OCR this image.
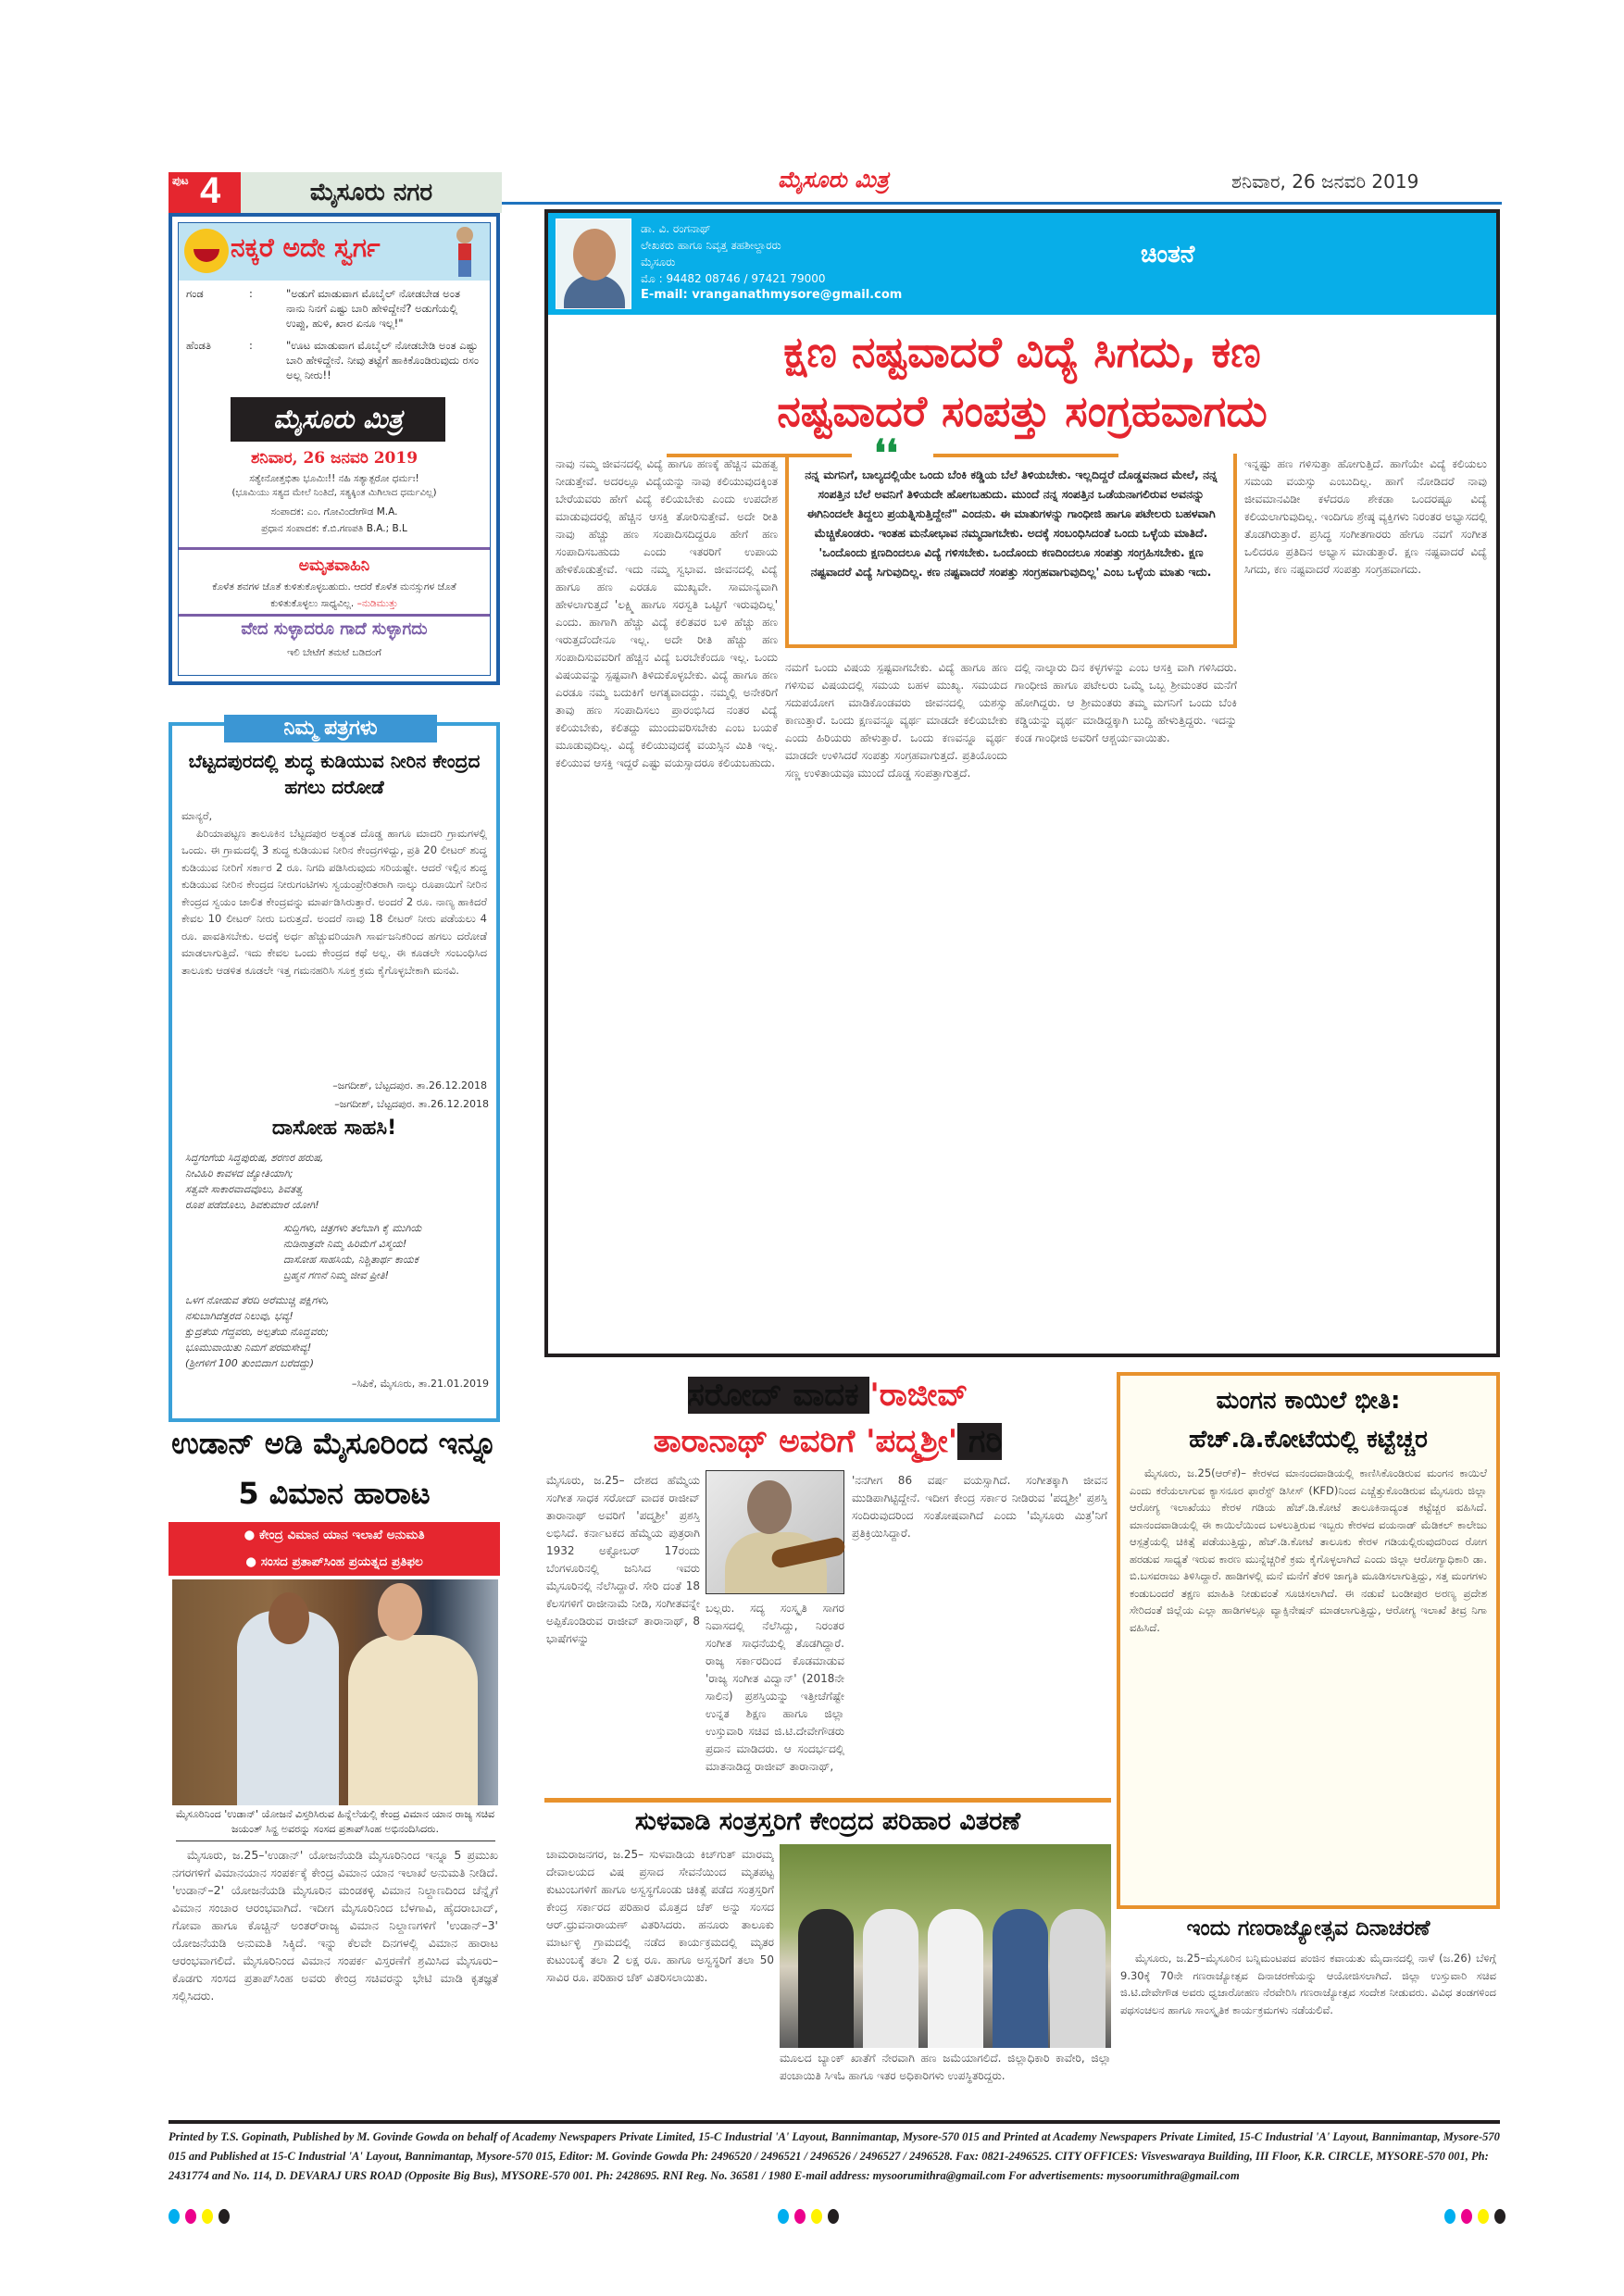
ಪುಟ 4	ಮೈಸೂರು ನಗರ	ಮೈಸೂರು ಮಿತ್ರ	ಶನಿವಾರ, 26 ಜನವರಿ 2019
ನಕ್ಕರೆ ಅದೇ ಸ್ವರ್ಗ
ಗಂಡ	:	"ಅಡುಗೆ ಮಾಡುವಾಗ ಮೊಬೈಲ್ ನೋಡಬೇಡ ಅಂತ ನಾನು ನಿನಗೆ ಎಷ್ಟು ಬಾರಿ ಹೇಳಿದ್ದೇನೆ? ಅಡುಗೆಯಲ್ಲಿ ಉಪ್ಪು, ಹುಳಿ, ಖಾರ ಏನೂ ಇಲ್ಲ!"
ಹೆಂಡತಿ	:	"ಊಟ ಮಾಡುವಾಗ ಮೊಬೈಲ್ ನೋಡಬೇಡಿ ಅಂತ ಎಷ್ಟು ಬಾರಿ ಹೇಳಿದ್ದೇನೆ. ನೀವು ತಟ್ಟೆಗೆ ಹಾಕಿಕೊಂಡಿರುವುದು ರಸಂ ಅಲ್ಲ ನೀರು!!
ಮೈಸೂರು ಮಿತ್ರ
ಶನಿವಾರ, 26 ಜನವರಿ 2019
ಸತ್ಯೇನೋತ್ತಭಿತಾ ಭೂಮಿಃ!! ನಹಿ ಸತ್ಯಾತ್ಪರೋ ಧರ್ಮಃ!
(ಭೂಮಿಯು ಸತ್ಯದ ಮೇಲೆ ನಿಂತಿದೆ, ಸತ್ಯಕ್ಕಿಂತ ಮಿಗಿಲಾದ ಧರ್ಮವಿಲ್ಲ)
ಸಂಪಾದಕ: ಎಂ. ಗೋವಿಂದೇಗೌಡ M.A.
ಪ್ರಧಾನ ಸಂಪಾದಕ: ಕೆ.ಬಿ.ಗಣಪತಿ B.A.; B.L
ಅಮೃತವಾಹಿನಿ
ಕೊಳೆತ ಶವಗಳ ಜೊತೆ ಕುಳಿತುಕೊಳ್ಳಬಹುದು. ಆದರೆ ಕೊಳೆತ ಮನಸ್ಸುಗಳ ಜೊತೆ ಕುಳಿತುಕೊಳ್ಳಲು ಸಾಧ್ಯವಿಲ್ಲ. –ನುಡಿಮುತ್ತು
ವೇದ ಸುಳ್ಳಾದರೂ ಗಾದೆ ಸುಳ್ಳಾಗದು
ಇಲಿ ಬೇಟೆಗೆ ತಮಟೆ ಬಡಿದಂಗೆ
ನಿಮ್ಮ ಪತ್ರಗಳು
ಬೆಟ್ಟದಪುರದಲ್ಲಿ ಶುದ್ಧ ಕುಡಿಯುವ ನೀರಿನ ಕೇಂದ್ರದ ಹಗಲು ದರೋಡೆ
ಮಾನ್ಯರೆ,
ಪಿರಿಯಾಪಟ್ಟಣ ತಾಲೂಕಿನ ಬೆಟ್ಟದಪುರ ಅತ್ಯಂತ ದೊಡ್ಡ ಹಾಗೂ ಮಾದರಿ ಗ್ರಾಮಗಳಲ್ಲಿ ಒಂದು. ಈ ಗ್ರಾಮದಲ್ಲಿ 3 ಶುದ್ಧ ಕುಡಿಯುವ ನೀರಿನ ಕೇಂದ್ರಗಳಿದ್ದು, ಪ್ರತಿ 20 ಲೀಟರ್ ಶುದ್ಧ ಕುಡಿಯುವ ನೀರಿಗೆ ಸರ್ಕಾರ 2 ರೂ. ನಿಗದಿ ಪಡಿಸಿರುವುದು ಸರಿಯಷ್ಟೇ. ಆದರೆ ಇಲ್ಲಿನ ಶುದ್ಧ ಕುಡಿಯುವ ನೀರಿನ ಕೇಂದ್ರದ ನೀರುಗಂಟಿಗಳು ಸ್ವಯಂಪ್ರೇರಿತರಾಗಿ ನಾಲ್ಕು ರೂಪಾಯಿಗೆ ನೀರಿನ ಕೇಂದ್ರದ ಸ್ವಯಂ ಚಾಲಿತ ಕೇಂದ್ರವನ್ನು ಮಾರ್ಪಡಿಸಿರುತ್ತಾರೆ. ಅಂದರೆ 2 ರೂ. ನಾಣ್ಯ ಹಾಕಿದರೆ ಕೇವಲ 10 ಲೀಟರ್ ನೀರು ಬರುತ್ತದೆ. ಅಂದರೆ ನಾವು 18 ಲೀಟರ್ ನೀರು ಪಡೆಯಲು 4 ರೂ. ಪಾವತಿಸಬೇಕು. ಅದಕ್ಕೆ ಅರ್ಧ ಹೆಚ್ಚುವರಿಯಾಗಿ ಸಾರ್ವಜನಿಕರಿಂದ ಹಗಲು ದರೋಡೆ ಮಾಡಲಾಗುತ್ತಿದೆ. ಇದು ಕೇವಲ ಒಂದು ಕೇಂದ್ರದ ಕಥೆ ಅಲ್ಲ. ಈ ಕೂಡಲೇ ಸಂಬಂಧಿಸಿದ ತಾಲೂಕು ಆಡಳಿತ ಕೂಡಲೇ ಇತ್ತ ಗಮನಹರಿಸಿ ಸೂಕ್ತ ಕ್ರಮ ಕೈಗೊಳ್ಳಬೇಕಾಗಿ ಮನವಿ.
–ಜಗದೀಶ್, ಬೆಟ್ಟದಪುರ. ತಾ.26.12.2018
–ಜಗದೀಶ್, ಬೆಟ್ಟದಪುರ. ತಾ.26.12.2018
ದಾಸೋಹ ಸಾಹಸಿ!
ಸಿದ್ಧಗಂಗೆಯ ಸಿದ್ಧಪುರುಷ, ಶರಣರ ಹರುಷ,
ನೀವಿಹಿರಿ ಕಾವಳದ ಜ್ಯೋತಿಯಾಗಿ;
ಸತ್ವವೇ ಸಾಕಾರವಾದವೊಲು, ಶಿವತತ್ವ
ರೂಪ ಪಡೆದೊಲು, ಶಿವಕುಮಾರ ಯೋಗಿ!
ಸುದ್ದಿಗಳು, ಚಿತ್ರಗಳು ತಲೆಬಾಗಿ ಕೈ ಮುಗಿಯೆ
ನುಡಿನಾತ್ರವೇ ನಿಮ್ಮ ಹಿರಿಮೆಗೆ ವಿಸ್ಮಯ!
ದಾಸೋಹ ಸಾಹಸಿಯೆ, ನಿಶ್ಚಿತಾರ್ಥ ಕಾಯಕ
ಬ್ರಹ್ಮನ ಗಣನೆ ನಿಮ್ಮ ಜೀವ ಪ್ರೀತಿ!
ಒಳಗ ನೋಡುವ ತೆರದಿ ಅರೆಮುಚ್ಚಿ ಪಕ್ಷಿಗಳು,
ನಸುಬಾಗಿದೆತ್ತರದ ನಿಲುವು, ಭವ್ಯ!
ಕ್ಷುದ್ರತೆಯ ಗೆದ್ದವರು, ಅಲ್ಪತೆಯ ನೊದ್ದವರು;
ಭೂಮುವಾಯಿತು ನಿಮಗೆ ಪರಮಸೇವ್ಯ!
(ಶ್ರೀಗಳಿಗೆ 100 ತುಂಬಿದಾಗ ಬರೆದದ್ದು)
–ಸಿಪಿಕೆ, ಮೈಸೂರು, ತಾ.21.01.2019
ಉಡಾನ್ ಅಡಿ ಮೈಸೂರಿಂದ ಇನ್ನೂ 5 ವಿಮಾನ ಹಾರಾಟ
● ಕೇಂದ್ರ ವಿಮಾನ ಯಾನ ಇಲಾಖೆ ಅನುಮತಿ
● ಸಂಸದ ಪ್ರತಾಪ್‌ಸಿಂಹ ಪ್ರಯತ್ನದ ಪ್ರತಿಫಲ
ಮೈಸೂರಿನಿಂದ 'ಉಡಾನ್' ಯೋಜನೆ ವಿಸ್ತರಿಸಿರುವ ಹಿನ್ನೆಲೆಯಲ್ಲಿ ಕೇಂದ್ರ ವಿಮಾನ ಯಾನ ರಾಜ್ಯ ಸಚಿವ ಜಯಂತ್ ಸಿನ್ಹ ಅವರನ್ನು ಸಂಸದ ಪ್ರತಾಪ್‌ಸಿಂಹ ಅಭಿನಂದಿಸಿದರು.
ಮೈಸೂರು, ಜ.25–'ಉಡಾನ್' ಯೋಜನೆಯಡಿ ಮೈಸೂರಿನಿಂದ ಇನ್ನೂ 5 ಪ್ರಮುಖ ನಗರಗಳಿಗೆ ವಿಮಾನಯಾನ ಸಂಪರ್ಕಕ್ಕೆ ಕೇಂದ್ರ ವಿಮಾನ ಯಾನ ಇಲಾಖೆ ಅನುಮತಿ ನೀಡಿದೆ. 'ಉಡಾನ್–2' ಯೋಜನೆಯಡಿ ಮೈಸೂರಿನ ಮಂಡಕಳ್ಳಿ ವಿಮಾನ ನಿಲ್ದಾಣದಿಂದ ಚೆನ್ನೈಗೆ ವಿಮಾನ ಸಂಚಾರ ಆರಂಭವಾಗಿದೆ. ಇದೀಗ ಮೈಸೂರಿನಿಂದ ಬೆಳಗಾವಿ, ಹೈದರಾಬಾದ್, ಗೋವಾ ಹಾಗೂ ಕೊಚ್ಚಿನ್ ಅಂತರ್‌ರಾಜ್ಯ ವಿಮಾನ ನಿಲ್ದಾಣಗಳಿಗೆ 'ಉಡಾನ್–3' ಯೋಜನೆಯಡಿ ಅನುಮತಿ ಸಿಕ್ಕಿದೆ. ಇನ್ನು ಕೆಲವೇ ದಿನಗಳಲ್ಲಿ ವಿಮಾನ ಹಾರಾಟ ಆರಂಭವಾಗಲಿದೆ. ಮೈಸೂರಿನಿಂದ ವಿಮಾನ ಸಂಪರ್ಕ ವಿಸ್ತರಣೆಗೆ ಶ್ರಮಿಸಿದ ಮೈಸೂರು–ಕೊಡಗು ಸಂಸದ ಪ್ರತಾಪ್‌ಸಿಂಹ ಅವರು ಕೇಂದ್ರ ಸಚಿವರನ್ನು ಭೇಟಿ ಮಾಡಿ ಕೃತಜ್ಞತೆ ಸಲ್ಲಿಸಿದರು.
ಡಾ. ವಿ. ರಂಗನಾಥ್
ಲೇಖಕರು ಹಾಗೂ ನಿವೃತ್ತ ತಹಶೀಲ್ದಾರರು
ಮೈಸೂರು
ಮೊ : 94482 08746 / 97421 79000
E-mail: vranganathmysore@gmail.com
ಚಿಂತನೆ
ಕ್ಷಣ ನಷ್ಟವಾದರೆ ವಿದ್ಯೆ ಸಿಗದು, ಕಣ
ನಷ್ಟವಾದರೆ ಸಂಪತ್ತು ಸಂಗ್ರಹವಾಗದು
ನಾವು ನಮ್ಮ ಜೀವನದಲ್ಲಿ ವಿದ್ಯೆ ಹಾಗೂ ಹಣಕ್ಕೆ ಹೆಚ್ಚಿನ ಮಹತ್ವ ನೀಡುತ್ತೇವೆ. ಅದರಲ್ಲೂ ವಿದ್ಯೆಯನ್ನು ನಾವು ಕಲಿಯುವುದಕ್ಕಿಂತ ಬೇರೆಯವರು ಹೇಗೆ ವಿದ್ಯೆ ಕಲಿಯಬೇಕು ಎಂದು ಉಪದೇಶ ಮಾಡುವುದರಲ್ಲಿ ಹೆಚ್ಚಿನ ಆಸಕ್ತಿ ತೋರಿಸುತ್ತೇವೆ. ಅದೇ ರೀತಿ ನಾವು ಹೆಚ್ಚು ಹಣ ಸಂಪಾದಿಸದಿದ್ದರೂ ಹೇಗೆ ಹಣ ಸಂಪಾದಿಸಬಹುದು ಎಂದು ಇತರರಿಗೆ ಉಪಾಯ ಹೇಳಿಕೊಡುತ್ತೇವೆ. ಇದು ನಮ್ಮ ಸ್ವಭಾವ. ಜೀವನದಲ್ಲಿ ವಿದ್ಯೆ ಹಾಗೂ ಹಣ ಎರಡೂ ಮುಖ್ಯವೇ. ಸಾಮಾನ್ಯವಾಗಿ ಹೇಳಲಾಗುತ್ತದೆ 'ಲಕ್ಷ್ಮಿ ಹಾಗೂ ಸರಸ್ವತಿ ಒಟ್ಟಿಗೆ ಇರುವುದಿಲ್ಲ' ಎಂದು. ಹಾಗಾಗಿ ಹೆಚ್ಚು ವಿದ್ಯೆ ಕಲಿತವರ ಬಳಿ ಹೆಚ್ಚು ಹಣ ಇರುತ್ತದೆಂದೇನೂ ಇಲ್ಲ. ಅದೇ ರೀತಿ ಹೆಚ್ಚು ಹಣ ಸಂಪಾದಿಸುವವರಿಗೆ ಹೆಚ್ಚಿನ ವಿದ್ಯೆ ಬರಬೇಕೆಂದೂ ಇಲ್ಲ. ಒಂದು ವಿಷಯವನ್ನು ಸ್ಪಷ್ಟವಾಗಿ ತಿಳಿದುಕೊಳ್ಳಬೇಕು. ವಿದ್ಯೆ ಹಾಗೂ ಹಣ ಎರಡೂ ನಮ್ಮ ಬದುಕಿಗೆ ಅಗತ್ಯವಾದದ್ದು. ನಮ್ಮಲ್ಲಿ ಅನೇಕರಿಗೆ ತಾವು ಹಣ ಸಂಪಾದಿಸಲು ಪ್ರಾರಂಭಿಸಿದ ನಂತರ ವಿದ್ಯೆ ಕಲಿಯಬೇಕು, ಕಲಿತದ್ದು ಮುಂದುವರಿಸಬೇಕು ಎಂಬ ಬಯಕೆ ಮೂಡುವುದಿಲ್ಲ. ವಿದ್ಯೆ ಕಲಿಯುವುದಕ್ಕೆ ವಯಸ್ಸಿನ ಮಿತಿ ಇಲ್ಲ. ಕಲಿಯುವ ಆಸಕ್ತಿ ಇದ್ದರೆ ಎಷ್ಟು ವಯಸ್ಸಾದರೂ ಕಲಿಯಬಹುದು.
❛❛
ನನ್ನ ಮಗನಿಗೆ, ಬಾಲ್ಯದಲ್ಲಿಯೇ ಒಂದು ಬೆಂಕಿ ಕಡ್ಡಿಯ ಬೆಲೆ ತಿಳಿಯಬೇಕು. ಇಲ್ಲದಿದ್ದರೆ ದೊಡ್ಡವನಾದ ಮೇಲೆ, ನನ್ನ ಸಂಪತ್ತಿನ ಬೆಲೆ ಅವನಿಗೆ ತಿಳಿಯದೇ ಹೋಗಬಹುದು. ಮುಂದೆ ನನ್ನ ಸಂಪತ್ತಿನ ಒಡೆಯನಾಗಲಿರುವ ಅವನನ್ನು ಈಗಿನಿಂದಲೇ ತಿದ್ದಲು ಪ್ರಯತ್ನಿಸುತ್ತಿದ್ದೇನೆ" ಎಂದನು. ಈ ಮಾತುಗಳನ್ನು ಗಾಂಧೀಜಿ ಹಾಗೂ ಪಟೇಲರು ಬಹಳವಾಗಿ ಮೆಚ್ಚಿಕೊಂಡರು. ಇಂತಹ ಮನೋಭಾವ ನಮ್ಮದಾಗಬೇಕು. ಅದಕ್ಕೆ ಸಂಬಂಧಿಸಿದಂತೆ ಒಂದು ಒಳ್ಳೆಯ ಮಾತಿದೆ. 'ಒಂದೊಂದು ಕ್ಷಣದಿಂದಲೂ ವಿದ್ಯೆ ಗಳಿಸಬೇಕು. ಒಂದೊಂದು ಕಣದಿಂದಲೂ ಸಂಪತ್ತು ಸಂಗ್ರಹಿಸಬೇಕು. ಕ್ಷಣ ನಷ್ಟವಾದರೆ ವಿದ್ಯೆ ಸಿಗುವುದಿಲ್ಲ. ಕಣ ನಷ್ಟವಾದರೆ ಸಂಪತ್ತು ಸಂಗ್ರಹವಾಗುವುದಿಲ್ಲ' ಎಂಬ ಒಳ್ಳೆಯ ಮಾತು ಇದು.
ನಮಗೆ ಒಂದು ವಿಷಯ ಸ್ಪಷ್ಟವಾಗಬೇಕು. ವಿದ್ಯೆ ಹಾಗೂ ಹಣ ಗಳಿಸುವ ವಿಷಯದಲ್ಲಿ ಸಮಯ ಬಹಳ ಮುಖ್ಯ. ಸಮಯದ ಸದುಪಯೋಗ ಮಾಡಿಕೊಂಡವರು ಜೀವನದಲ್ಲಿ ಯಶಸ್ಸು ಕಾಣುತ್ತಾರೆ. ಒಂದು ಕ್ಷಣವನ್ನೂ ವ್ಯರ್ಥ ಮಾಡದೇ ಕಲಿಯಬೇಕು ಎಂದು ಹಿರಿಯರು ಹೇಳುತ್ತಾರೆ. ಒಂದು ಕಣವನ್ನೂ ವ್ಯರ್ಥ ಮಾಡದೇ ಉಳಿಸಿದರೆ ಸಂಪತ್ತು ಸಂಗ್ರಹವಾಗುತ್ತದೆ. ಪ್ರತಿಯೊಂದು ಸಣ್ಣ ಉಳಿತಾಯವೂ ಮುಂದೆ ದೊಡ್ಡ ಸಂಪತ್ತಾಗುತ್ತದೆ.
ದಲ್ಲಿ ನಾಲ್ಕಾರು ದಿನ ಕಳ್ಳಗಳನ್ನು ಎಂಬ ಆಸಕ್ತಿ ವಾಗಿ ಗಳಿಸಿದರು. ಗಾಂಧೀಜಿ ಹಾಗೂ ಪಟೇಲರು ಒಮ್ಮೆ ಒಬ್ಬ ಶ್ರೀಮಂತರ ಮನೆಗೆ ಹೋಗಿದ್ದರು. ಆ ಶ್ರೀಮಂತರು ತಮ್ಮ ಮಗನಿಗೆ ಒಂದು ಬೆಂಕಿ ಕಡ್ಡಿಯನ್ನು ವ್ಯರ್ಥ ಮಾಡಿದ್ದಕ್ಕಾಗಿ ಬುದ್ಧಿ ಹೇಳುತ್ತಿದ್ದರು. ಇದನ್ನು ಕಂಡ ಗಾಂಧೀಜಿ ಅವರಿಗೆ ಆಶ್ಚರ್ಯವಾಯಿತು.
ಇನ್ನಷ್ಟು ಹಣ ಗಳಿಸುತ್ತಾ ಹೋಗುತ್ತಿದೆ. ಹಾಗೆಯೇ ವಿದ್ಯೆ ಕಲಿಯಲು ಸಮಯ ವಯಸ್ಸು ಎಂಬುದಿಲ್ಲ. ಹಾಗೆ ನೋಡಿದರೆ ನಾವು ಜೀವಮಾನವಿಡೀ ಕಳೆದರೂ ಶೇಕಡಾ ಒಂದರಷ್ಟೂ ವಿದ್ಯೆ ಕಲಿಯಲಾಗುವುದಿಲ್ಲ. ಇಂದಿಗೂ ಶ್ರೇಷ್ಠ ವ್ಯಕ್ತಿಗಳು ನಿರಂತರ ಅಭ್ಯಾಸದಲ್ಲಿ ತೊಡಗಿರುತ್ತಾರೆ. ಪ್ರಸಿದ್ಧ ಸಂಗೀತಗಾರರು ಹೇಗೂ ನವಗೆ ಸಂಗೀತ ಒಲಿದರೂ ಪ್ರತಿದಿನ ಅಭ್ಯಾಸ ಮಾಡುತ್ತಾರೆ. ಕ್ಷಣ ನಷ್ಟವಾದರೆ ವಿದ್ಯೆ ಸಿಗದು, ಕಣ ನಷ್ಟವಾದರೆ ಸಂಪತ್ತು ಸಂಗ್ರಹವಾಗದು.
ಸರೋದ್ ವಾದಕ 'ರಾಜೀವ್
ತಾರಾನಾಥ್ ಅವರಿಗೆ 'ಪದ್ಮಶ್ರೀ' ಗರಿ
ಮೈಸೂರು, ಜ.25– ದೇಶದ ಹೆಮ್ಮೆಯ ಸಂಗೀತ ಸಾಧಕ ಸರೋದ್ ವಾದಕ ರಾಜೀವ್ ತಾರಾನಾಥ್ ಅವರಿಗೆ 'ಪದ್ಮಶ್ರೀ' ಪ್ರಶಸ್ತಿ ಲಭಿಸಿದೆ. ಕರ್ನಾಟಕದ ಹೆಮ್ಮೆಯ ಪುತ್ರರಾಗಿ 1932 ಅಕ್ಟೋಬರ್ 17ರಂದು ಬೆಂಗಳೂರಿನಲ್ಲಿ ಜನಿಸಿದ ಇವರು ಮೈಸೂರಿನಲ್ಲಿ ನೆಲೆಸಿದ್ದಾರೆ. ಸೇರಿ ದಂತೆ 18 ಕೆಲಸಗಳಿಗೆ ರಾಜೀನಾಮೆ ನೀಡಿ, ಸಂಗೀತವನ್ನೇ ಅಪ್ಪಿಕೊಂಡಿರುವ ರಾಜೀವ್ ತಾರಾನಾಥ್, 8 ಭಾಷೆಗಳನ್ನು
ಬಲ್ಲರು. ಸದ್ಯ ಸಂಸ್ಕೃತಿ ಸಾಗರ ನಿವಾಸದಲ್ಲಿ ನೆಲೆಸಿದ್ದು, ನಿರಂತರ ಸಂಗೀತ ಸಾಧನೆಯಲ್ಲಿ ತೊಡಗಿದ್ದಾರೆ. ರಾಜ್ಯ ಸರ್ಕಾರದಿಂದ ಕೊಡಮಾಡುವ 'ರಾಜ್ಯ ಸಂಗೀತ ವಿದ್ವಾನ್' (2018ನೇ ಸಾಲಿನ) ಪ್ರಶಸ್ತಿಯನ್ನು ಇತ್ತೀಚೆಗೆಷ್ಟೇ ಉನ್ನತ ಶಿಕ್ಷಣ ಹಾಗೂ ಜಿಲ್ಲಾ ಉಸ್ತುವಾರಿ ಸಚಿವ ಜಿ.ಟಿ.ದೇವೇಗೌಡರು ಪ್ರದಾನ ಮಾಡಿದರು. ಆ ಸಂದರ್ಭದಲ್ಲಿ ಮಾತನಾಡಿದ್ದ ರಾಜೀವ್ ತಾರಾನಾಥ್,
'ನನಗೀಗ 86 ವರ್ಷ ವಯಸ್ಸಾಗಿದೆ. ಸಂಗೀತಕ್ಕಾಗಿ ಜೀವನ ಮುಡಿಪಾಗಿಟ್ಟಿದ್ದೇನೆ. ಇದೀಗ ಕೇಂದ್ರ ಸರ್ಕಾರ ನೀಡಿರುವ 'ಪದ್ಮಶ್ರೀ' ಪ್ರಶಸ್ತಿ ಸಂದಿರುವುದರಿಂದ ಸಂತೋಷವಾಗಿದೆ ಎಂದು 'ಮೈಸೂರು ಮಿತ್ರ'ನಿಗೆ ಪ್ರತಿಕ್ರಿಯಿಸಿದ್ದಾರೆ.
ಸುಳವಾಡಿ ಸಂತ್ರಸ್ತರಿಗೆ ಕೇಂದ್ರದ ಪರಿಹಾರ ವಿತರಣೆ
ಚಾಮರಾಜನಗರ, ಜ.25– ಸುಳವಾಡಿಯ ಕಿಚ್‌ಗುತ್ ಮಾರಮ್ಮ ದೇವಾಲಯದ ವಿಷ ಪ್ರಸಾದ ಸೇವನೆಯಿಂದ ಮೃತಪಟ್ಟ ಕುಟುಂಬಗಳಿಗೆ ಹಾಗೂ ಅಸ್ವಸ್ಥಗೊಂಡು ಚಿಕಿತ್ಸೆ ಪಡೆದ ಸಂತ್ರಸ್ತರಿಗೆ ಕೇಂದ್ರ ಸರ್ಕಾರದ ಪರಿಹಾರ ಮೊತ್ತದ ಚೆಕ್ ಅನ್ನು ಸಂಸದ ಆರ್.ಧ್ರುವನಾರಾಯಣ್ ವಿತರಿಸಿದರು. ಹನೂರು ತಾಲೂಕು ಮಾರ್ಟಳ್ಳಿ ಗ್ರಾಮದಲ್ಲಿ ನಡೆದ ಕಾರ್ಯಕ್ರಮದಲ್ಲಿ ಮೃತರ ಕುಟುಂಬಕ್ಕೆ ತಲಾ 2 ಲಕ್ಷ ರೂ. ಹಾಗೂ ಅಸ್ವಸ್ಥರಿಗೆ ತಲಾ 50 ಸಾವಿರ ರೂ. ಪರಿಹಾರ ಚೆಕ್ ವಿತರಿಸಲಾಯಿತು.
ಮೂಲದ ಬ್ಯಾಂಕ್ ಖಾತೆಗೆ ನೇರವಾಗಿ ಹಣ ಜಮೆಯಾಗಲಿದೆ. ಜಿಲ್ಲಾಧಿಕಾರಿ ಕಾವೇರಿ, ಜಿಲ್ಲಾ ಪಂಚಾಯಿತಿ ಸಿಇಓ ಹಾಗೂ ಇತರ ಅಧಿಕಾರಿಗಳು ಉಪಸ್ಥಿತರಿದ್ದರು.
ಮಂಗನ ಕಾಯಿಲೆ ಭೀತಿ:
ಹೆಚ್.ಡಿ.ಕೋಟೆಯಲ್ಲಿ ಕಟ್ಟೆಚ್ಚರ
ಮೈಸೂರು, ಜ.25(ಆರ್‌ಕೆ)– ಕೇರಳದ ಮಾನಂದವಾಡಿಯಲ್ಲಿ ಕಾಣಿಸಿಕೊಂಡಿರುವ ಮಂಗನ ಕಾಯಿಲೆ ಎಂದು ಕರೆಯಲಾಗುವ ಕ್ಯಾಸನೂರ ಫಾರೆಸ್ಟ್ ಡಿಸೀಸ್ (KFD)ನಿಂದ ಎಚ್ಚೆತ್ತುಕೊಂಡಿರುವ ಮೈಸೂರು ಜಿಲ್ಲಾ ಆರೋಗ್ಯ ಇಲಾಖೆಯು ಕೇರಳ ಗಡಿಯ ಹೆಚ್.ಡಿ.ಕೋಟೆ ತಾಲೂಕಿನಾದ್ಯಂತ ಕಟ್ಟೆಚ್ಚರ ವಹಿಸಿದೆ. ಮಾನಂದವಾಡಿಯಲ್ಲಿ ಈ ಕಾಯಿಲೆಯಿಂದ ಬಳಲುತ್ತಿರುವ ಇಬ್ಬರು ಕೇರಳದ ವಯನಾಡ್ ಮೆಡಿಕಲ್ ಕಾಲೇಜು ಆಸ್ಪತ್ರೆಯಲ್ಲಿ ಚಿಕಿತ್ಸೆ ಪಡೆಯುತ್ತಿದ್ದು, ಹೆಚ್.ಡಿ.ಕೋಟೆ ತಾಲೂಕು ಕೇರಳ ಗಡಿಯಲ್ಲಿರುವುದರಿಂದ ರೋಗ ಹರಡುವ ಸಾಧ್ಯತೆ ಇರುವ ಕಾರಣ ಮುನ್ನೆಚ್ಚರಿಕೆ ಕ್ರಮ ಕೈಗೊಳ್ಳಲಾಗಿದೆ ಎಂದು ಜಿಲ್ಲಾ ಆರೋಗ್ಯಾಧಿಕಾರಿ ಡಾ. ಬಿ.ಬಸವರಾಜು ತಿಳಿಸಿದ್ದಾರೆ. ಹಾಡಿಗಳಲ್ಲಿ ಮನೆ ಮನೆಗೆ ತೆರಳಿ ಜಾಗೃತಿ ಮೂಡಿಸಲಾಗುತ್ತಿದ್ದು, ಸತ್ತ ಮಂಗಗಳು ಕಂಡುಬಂದರೆ ತಕ್ಷಣ ಮಾಹಿತಿ ನೀಡುವಂತೆ ಸೂಚಿಸಲಾಗಿದೆ. ಈ ನಡುವೆ ಬಂಡೀಪುರ ಅರಣ್ಯ ಪ್ರದೇಶ ಸೇರಿದಂತೆ ಜಿಲ್ಲೆಯ ಎಲ್ಲಾ ಹಾಡಿಗಳಲ್ಲೂ ವ್ಯಾಕ್ಸಿನೇಷನ್ ಮಾಡಲಾಗುತ್ತಿದ್ದು, ಆರೋಗ್ಯ ಇಲಾಖೆ ತೀವ್ರ ನಿಗಾ ವಹಿಸಿದೆ.
ಇಂದು ಗಣರಾಜ್ಯೋತ್ಸವ ದಿನಾಚರಣೆ
ಮೈಸೂರು, ಜ.25–ಮೈಸೂರಿನ ಬನ್ನಿಮಂಟಪದ ಪಂಜಿನ ಕವಾಯತು ಮೈದಾನದಲ್ಲಿ ನಾಳೆ (ಜ.26) ಬೆಳಿಗ್ಗೆ 9.30ಕ್ಕೆ 70ನೇ ಗಣರಾಜ್ಯೋತ್ಸವ ದಿನಾಚರಣೆಯನ್ನು ಆಯೋಜಿಸಲಾಗಿದೆ. ಜಿಲ್ಲಾ ಉಸ್ತುವಾರಿ ಸಚಿವ ಜಿ.ಟಿ.ದೇವೇಗೌಡ ಅವರು ಧ್ವಜಾರೋಹಣ ನೆರವೇರಿಸಿ ಗಣರಾಜ್ಯೋತ್ಸವ ಸಂದೇಶ ನೀಡುವರು. ವಿವಿಧ ತಂಡಗಳಿಂದ ಪಥಸಂಚಲನ ಹಾಗೂ ಸಾಂಸ್ಕೃತಿಕ ಕಾರ್ಯಕ್ರಮಗಳು ನಡೆಯಲಿವೆ.
Printed by T.S. Gopinath, Published by M. Govinde Gowda on behalf of Academy Newspapers Private Limited, 15-C Industrial 'A' Layout, Bannimantap, Mysore-570 015 and Printed at Academy Newspapers Private Limited, 15-C Industrial 'A' Layout, Bannimantap, Mysore-570 015 and Published at 15-C Industrial 'A' Layout, Bannimantap, Mysore-570 015, Editor: M. Govinde Gowda Ph: 2496520 / 2496521 / 2496526 / 2496527 / 2496528. Fax: 0821-2496525. CITY OFFICES: Visveswaraya Building, III Floor, K.R. CIRCLE, MYSORE-570 001, Ph: 2431774 and No. 114, D. DEVARAJ URS ROAD (Opposite Big Bus), MYSORE-570 001. Ph: 2428695. RNI Reg. No. 36581 / 1980 E-mail address: mysoorumithra@gmail.com For advertisements: mysoorumithra@gmail.com
